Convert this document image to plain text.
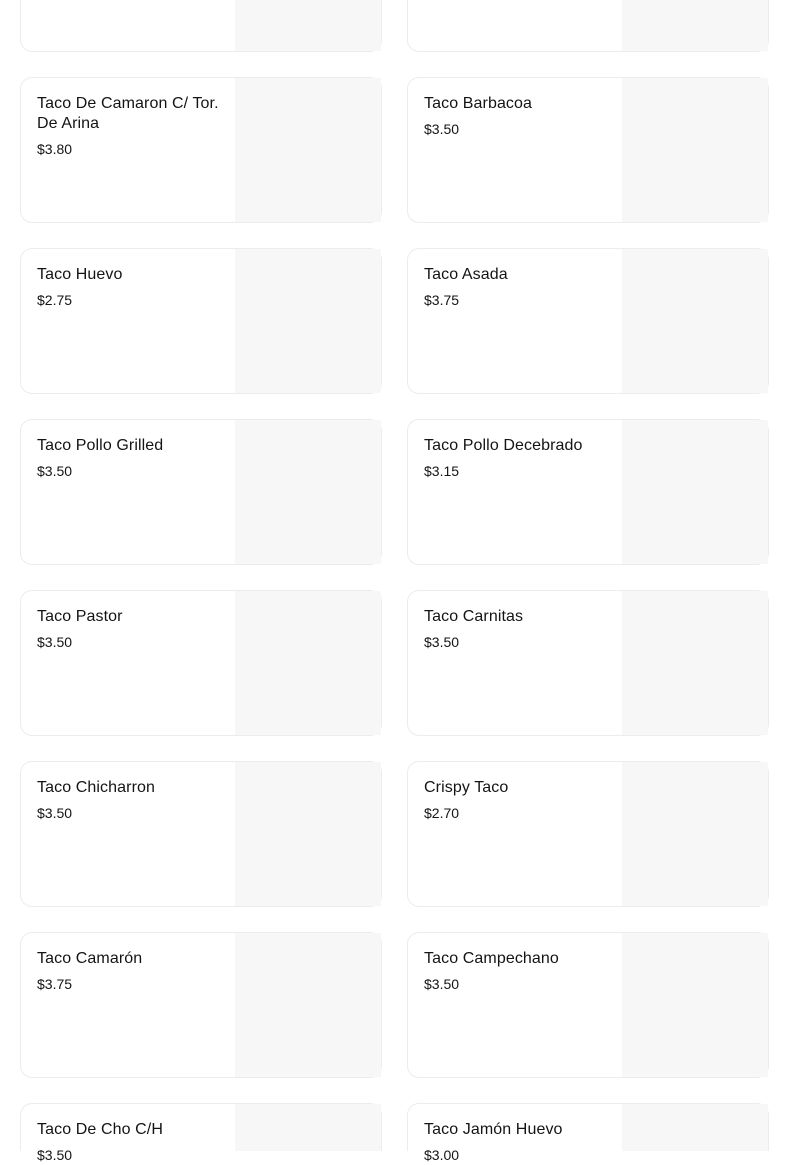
Taco De Camaron C/ Tor. De Arina
$3.80
Taco Barbacoa
$3.50
Taco Huevo
$2.75
Taco Asada
$3.75
Taco Pollo Grilled
$3.50
Taco Pollo Decebrado
$3.15
Taco Pastor
$3.50
Taco Carnitas
$3.50
Taco Chicharron
$3.50
Crispy Taco
$2.70
Taco Camarón
$3.75
Taco Campechano
$3.50
Taco De Cho C/H
$3.50
Taco Jamón Huevo
$3.00
